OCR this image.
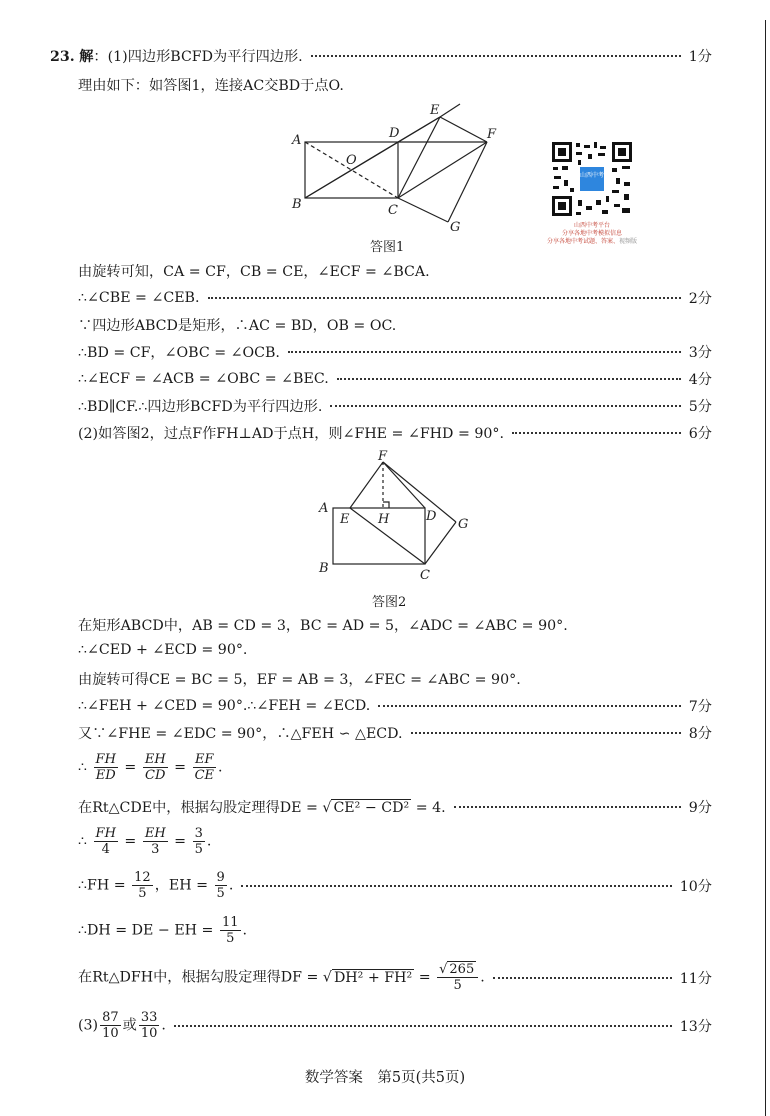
23. 解：(1)四边形BCFD为平行四边形.	1分
理由如下：如答图1，连接AC交BD于点O.
A
B	C
D
E
F
G
O
答图1
山西中考
山西中考平台
分享各地中考模拟信息
分享各地中考试题、答案、视频版
由旋转可知，CA = CF，CB = CE，∠ECF = ∠BCA.
∴∠CBE = ∠CEB.	2分
∵四边形ABCD是矩形，∴AC = BD，OB = OC.
∴BD = CF，∠OBC = ∠OCB.	3分
∴∠ECF = ∠ACB = ∠OBC = ∠BEC.	4分
∴BD∥CF.∴四边形BCFD为平行四边形.	5分
(2)如答图2，过点F作FH⊥AD于点H，则∠FHE = ∠FHD = 90°.	6分
A
B	C
D
E
F
G
H
答图2
在矩形ABCD中，AB = CD = 3，BC = AD = 5，∠ADC = ∠ABC = 90°.
∴∠CED + ∠ECD = 90°.
由旋转可得CE = BC = 5，EF = AB = 3，∠FEC = ∠ABC = 90°.
∴∠FEH + ∠CED = 90°.∴∠FEH = ∠ECD.	7分
又∵∠FHE = ∠EDC = 90°，∴△FEH ∽ △ECD.	8分
∴ $\frac{FH}{ED} = \frac{EH}{CD} = \frac{EF}{CE}$ .
在Rt△CDE中，根据勾股定理得DE = √ CE² − CD² = 4.	9分
∴ $\frac{FH}{4} = \frac{EH}{3} = \frac{3}{5}$ .
∴FH = $\frac{12}{5}$ ，EH = $\frac{9}{5}$ .	10分
∴DH = DE − EH = $\frac{11}{5}$ .
在Rt△DFH中，根据勾股定理得DF = √ $DH^2 + FH^2 = \frac{√ 265}{5}$ .	11分
$(3) \frac{87}{10}$ 或 $\frac{33}{10}$ .	13分
数学答案　第5页(共5页)
